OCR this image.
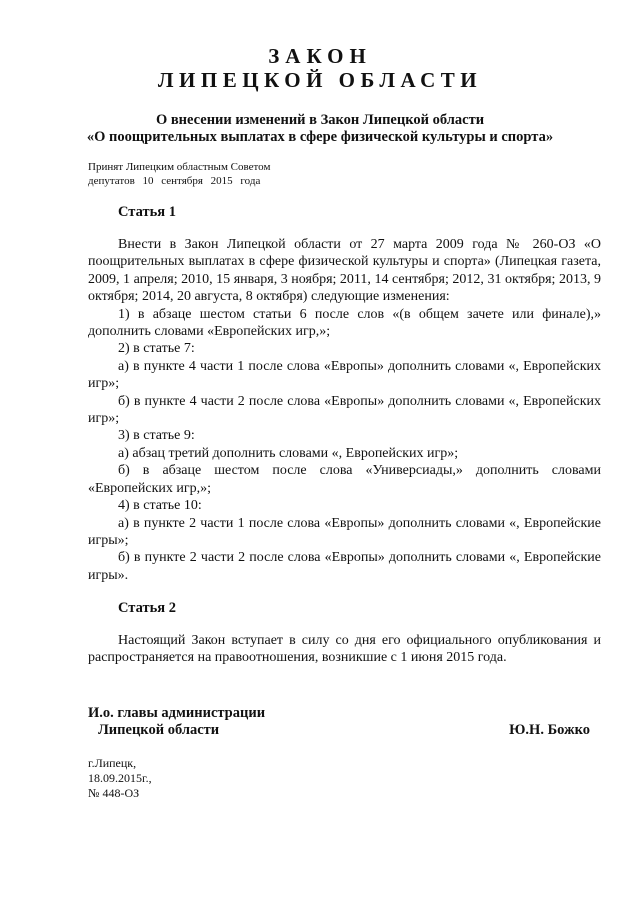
ЗАКОН
ЛИПЕЦКОЙ ОБЛАСТИ
О внесении изменений в Закон Липецкой области
«О поощрительных выплатах в сфере физической культуры и спорта»
Принят Липецким областным Советом
депутатов 10 сентября 2015 года
Статья 1

Внести в Закон Липецкой области от 27 марта 2009 года № 260-ОЗ «О поощрительных выплатах в сфере физической культуры и спорта» (Липецкая газета, 2009, 1 апреля; 2010, 15 января, 3 ноября; 2011, 14 сентября; 2012, 31 октября; 2013, 9 октября; 2014, 20 августа, 8 октября) следующие изменения:

1) в абзаце шестом статьи 6 после слов «(в общем зачете или финале),» дополнить словами «Европейских игр,»;

2) в статье 7:

а) в пункте 4 части 1 после слова «Европы» дополнить словами «, Европейских игр»;

б) в пункте 4 части 2 после слова «Европы» дополнить словами «, Европейских игр»;

3) в статье 9:

а) абзац третий дополнить словами «, Европейских игр»;

б) в абзаце шестом после слова «Универсиады,» дополнить словами «Европейских игр,»;

4) в статье 10:

а) в пункте 2 части 1 после слова «Европы» дополнить словами «, Европейские игры»;

б) в пункте 2 части 2 после слова «Европы» дополнить словами «, Европейские игры».

Статья 2

Настоящий Закон вступает в силу со дня его официального опубликования и распространяется на правоотношения, возникшие с 1 июня 2015 года.

И.о. главы администрации
Липецкой области	Ю.Н. Божко
г.Липецк,
18.09.2015г.,
№ 448-ОЗ
